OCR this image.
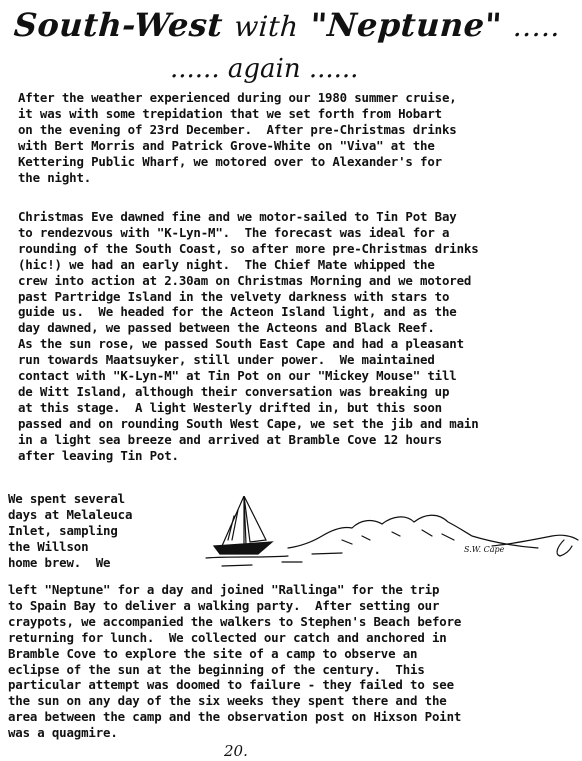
South-West with "Neptune" .....
...... again ......

After the weather experienced during our 1980 summer cruise,
it was with some trepidation that we set forth from Hobart
on the evening of 23rd December.  After pre-Christmas drinks
with Bert Morris and Patrick Grove-White on "Viva" at the
Kettering Public Wharf, we motored over to Alexander's for
the night.

Christmas Eve dawned fine and we motor-sailed to Tin Pot Bay
to rendezvous with "K-Lyn-M".  The forecast was ideal for a
rounding of the South Coast, so after more pre-Christmas drinks
(hic!) we had an early night.  The Chief Mate whipped the
crew into action at 2.30am on Christmas Morning and we motored
past Partridge Island in the velvety darkness with stars to
guide us.  We headed for the Acteon Island light, and as the
day dawned, we passed between the Acteons and Black Reef.
As the sun rose, we passed South East Cape and had a pleasant
run towards Maatsuyker, still under power.  We maintained
contact with "K-Lyn-M" at Tin Pot on our "Mickey Mouse" till
de Witt Island, although their conversation was breaking up
at this stage.  A light Westerly drifted in, but this soon
passed and on rounding South West Cape, we set the jib and main
in a light sea breeze and arrived at Bramble Cove 12 hours
after leaving Tin Pot.

We spent several
days at Melaleuca
Inlet, sampling
the Willson
home brew.  We

left "Neptune" for a day and joined "Rallinga" for the trip
to Spain Bay to deliver a walking party.  After setting our
craypots, we accompanied the walkers to Stephen's Beach before
returning for lunch.  We collected our catch and anchored in
Bramble Cove to explore the site of a camp to observe an
eclipse of the sun at the beginning of the century.  This
particular attempt was doomed to failure - they failed to see
the sun on any day of the six weeks they spent there and the
area between the camp and the observation post on Hixson Point
was a quagmire.

S.W. Cape
20.
